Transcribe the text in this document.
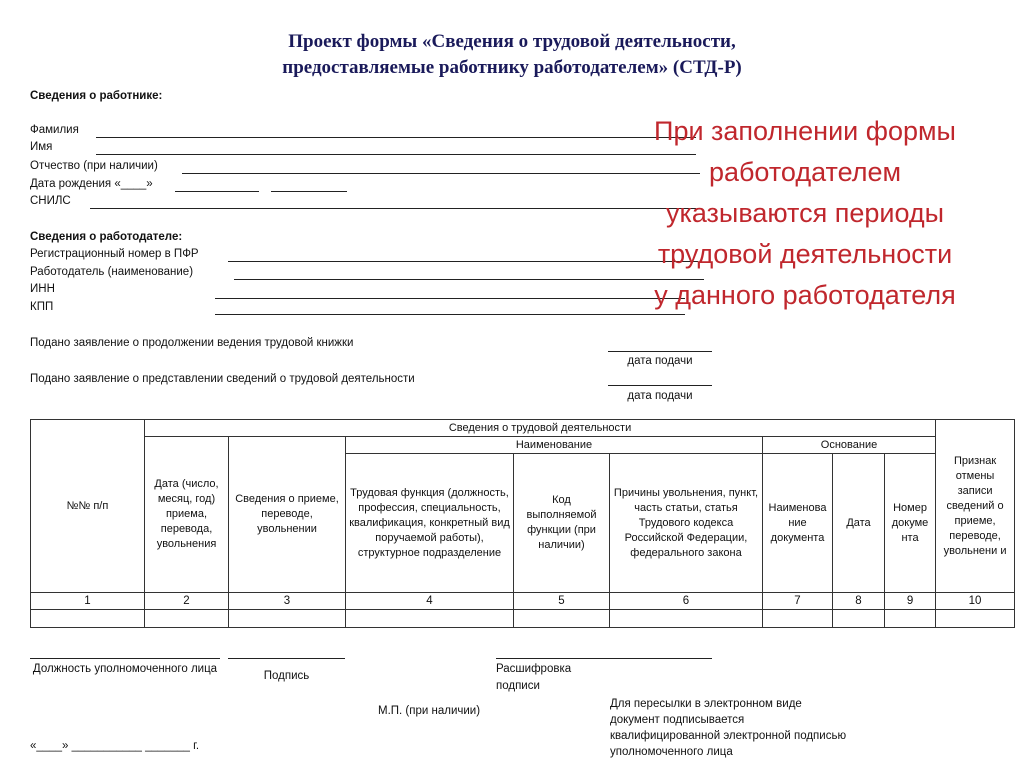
Проект формы «Сведения о трудовой деятельности,
предоставляемые работнику работодателем» (СТД-Р)
Сведения о работнике:
Фамилия
Имя
Отчество (при наличии)
Дата рождения «____»
СНИЛС
Сведения о работодателе:
Регистрационный номер в ПФР
Работодатель (наименование)
ИНН
КПП
Подано заявление о продолжении ведения трудовой книжки
дата подачи
Подано заявление о представлении сведений о трудовой деятельности
дата подачи
При заполнении формы
работодателем
указываются периоды
трудовой деятельности
у данного работодателя
№№ п/п	Сведения о трудовой деятельности								Признак отмены записи сведений о приеме, переводе, увольнени и
	Дата (число, месяц, год) приема, перевода, увольнения	Сведения о приеме, переводе, увольнении	Наименование			Основание			
			Трудовая функция (должность, профессия, специальность, квалификация, конкретный вид поручаемой работы), структурное подразделение	Код выполняемой функции (при наличии)	Причины увольнения, пункт, часть статьи, статья Трудового кодекса Российской Федерации, федерального закона	Наименова ние документа	Дата	Номер докуме нта	
1	2	3	4	5	6	7	8	9	10

Должность уполномоченного лица
Подпись
Расшифровка подписи
М.П. (при наличии)
«____» ___________ _______ г.
Для пересылки в электронном виде
документ подписывается
квалифицированной электронной подписью
уполномоченного лица
